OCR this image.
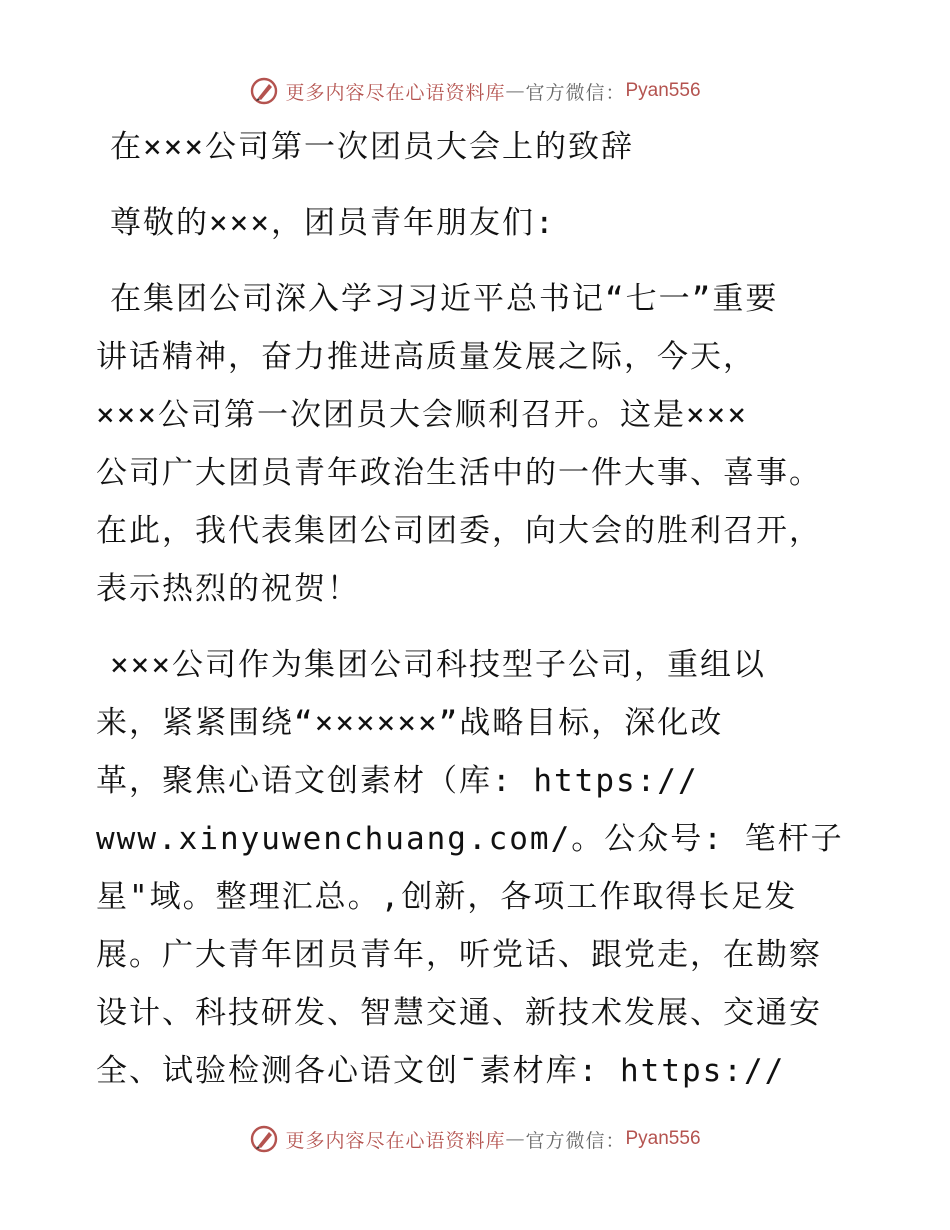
更多内容尽在心语资料库 — 官方微信： Pyan556

在×××公司第一次团员大会上的致辞

尊敬的×××，团员青年朋友们:

在集团公司深入学习习近平总书记“七一”重要
讲话精神，奋力推进高质量发展之际，今天，
×××公司第一次团员大会顺利召开。这是×××
公司广大团员青年政治生活中的一件大事、喜事。
在此，我代表集团公司团委，向大会的胜利召开，
表示热烈的祝贺！

×××公司作为集团公司科技型子公司，重组以
来，紧紧围绕“××××××”战略目标，深化改
革，聚焦心语文创素材（库: https://
www.xinyuwenchuang.com/。公众号: 笔杆子
星"域。整理汇总。,创新，各项工作取得长足发
展。广大青年团员青年，听党话、跟党走，在勘察
设计、科技研发、智慧交通、新技术发展、交通安
全、试验检测各心语文创¯素材库: https://

更多内容尽在心语资料库 — 官方微信： Pyan556
